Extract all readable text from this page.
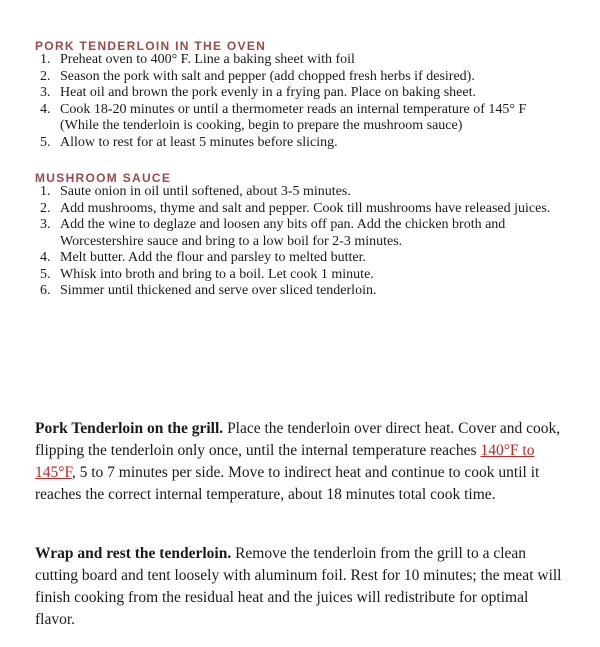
PORK TENDERLOIN IN THE OVEN
1. Preheat oven to 400° F. Line a baking sheet with foil
2. Season the pork with salt and pepper (add chopped fresh herbs if desired).
3. Heat oil and brown the pork evenly in a frying pan. Place on baking sheet.
4. Cook 18-20 minutes or until a thermometer reads an internal temperature of 145° F (While the tenderloin is cooking, begin to prepare the mushroom sauce)
5. Allow to rest for at least 5 minutes before slicing.
MUSHROOM SAUCE
1. Saute onion in oil until softened, about 3-5 minutes.
2. Add mushrooms, thyme and salt and pepper. Cook till mushrooms have released juices.
3. Add the wine to deglaze and loosen any bits off pan. Add the chicken broth and Worcestershire sauce and bring to a low boil for 2-3 minutes.
4. Melt butter. Add the flour and parsley to melted butter.
5. Whisk into broth and bring to a boil. Let cook 1 minute.
6. Simmer until thickened and serve over sliced tenderloin.

Pork Tenderloin on the grill. Place the tenderloin over direct heat. Cover and cook, flipping the tenderloin only once, until the internal temperature reaches 140°F to 145°F, 5 to 7 minutes per side. Move to indirect heat and continue to cook until it reaches the correct internal temperature, about 18 minutes total cook time.

Wrap and rest the tenderloin. Remove the tenderloin from the grill to a clean cutting board and tent loosely with aluminum foil. Rest for 10 minutes; the meat will finish cooking from the residual heat and the juices will redistribute for optimal flavor.
